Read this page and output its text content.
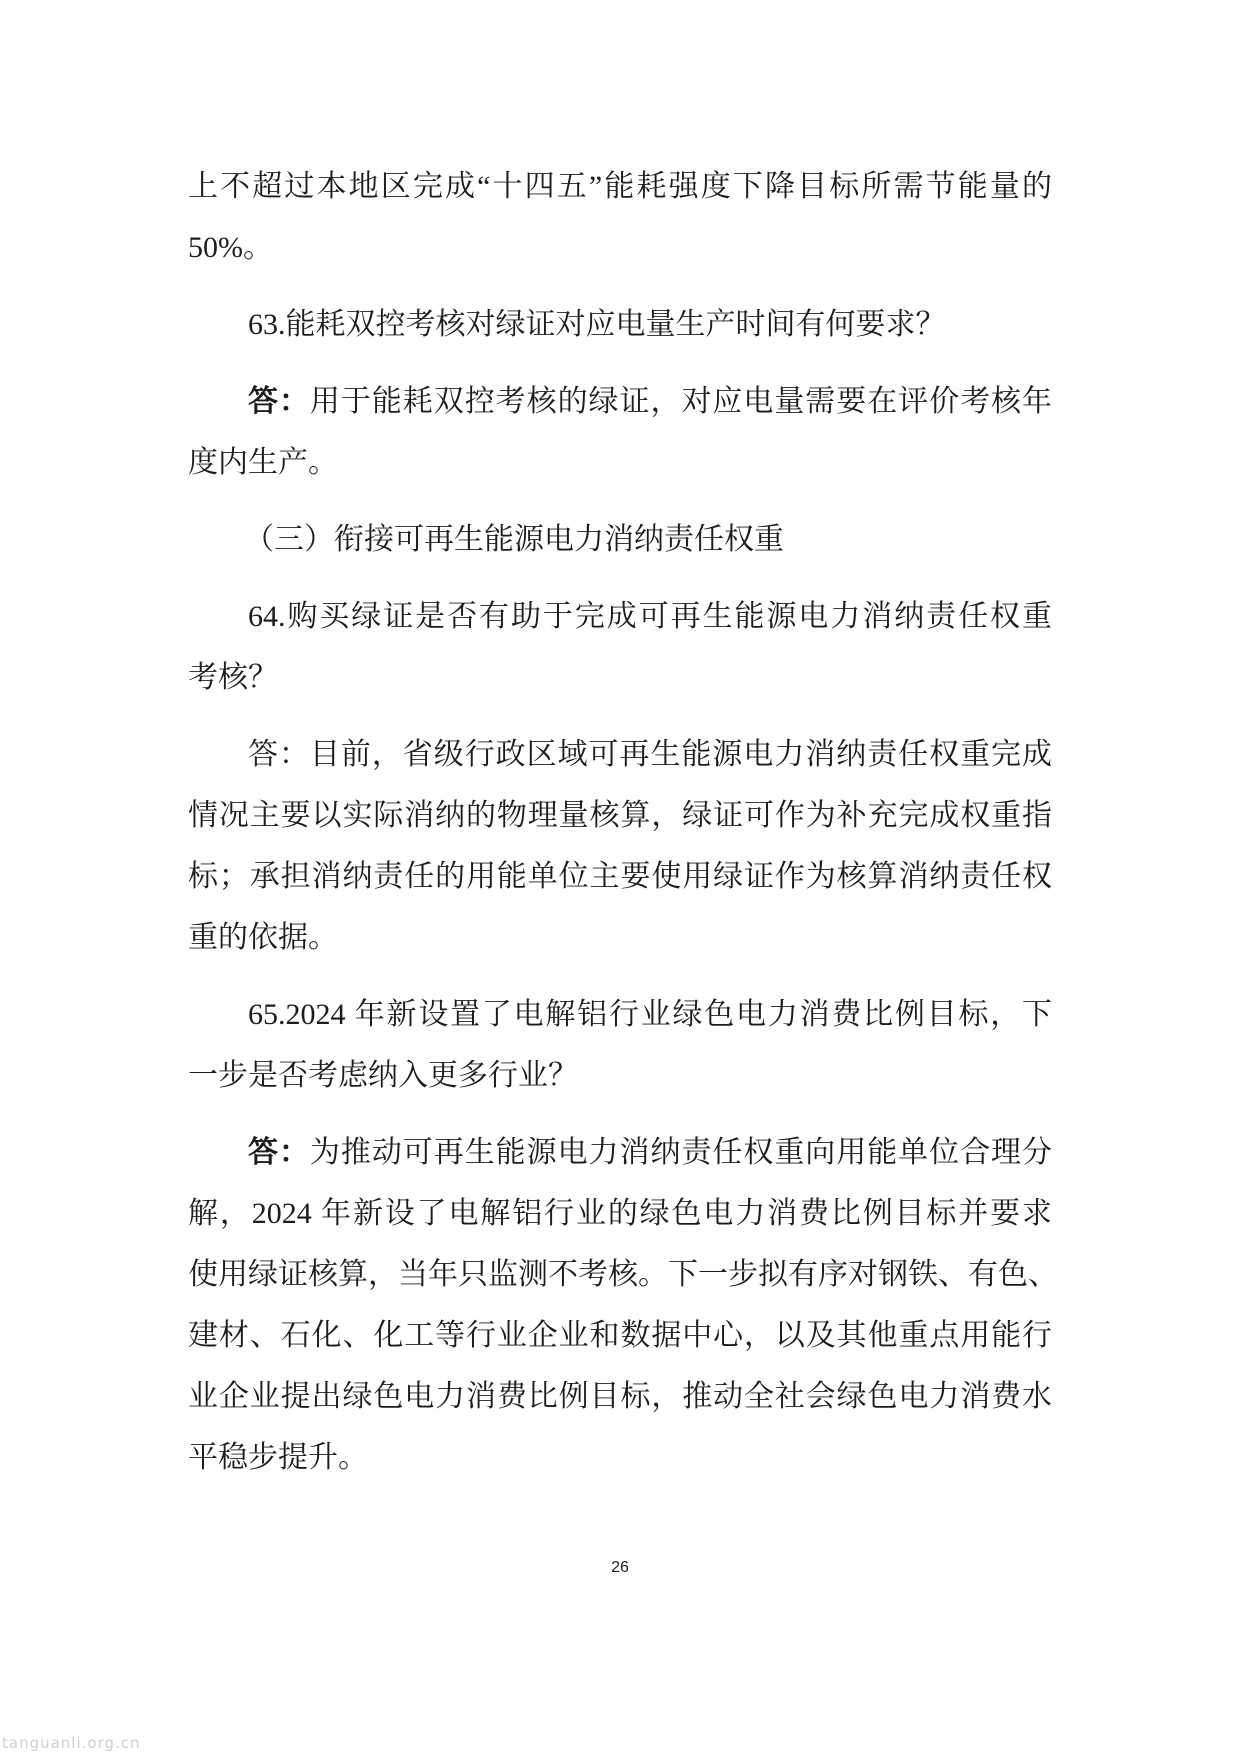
上不超过本地区完成“十四五”能耗强度下降目标所需节能量的
50%。
63.能耗双控考核对绿证对应电量生产时间有何要求？
答：用于能耗双控考核的绿证，对应电量需要在评价考核年
度内生产。
（三）衔接可再生能源电力消纳责任权重
64.购买绿证是否有助于完成可再生能源电力消纳责任权重
考核？
答：目前，省级行政区域可再生能源电力消纳责任权重完成
情况主要以实际消纳的物理量核算，绿证可作为补充完成权重指
标；承担消纳责任的用能单位主要使用绿证作为核算消纳责任权
重的依据。
65.2024 年新设置了电解铝行业绿色电力消费比例目标，下
一步是否考虑纳入更多行业？
答：为推动可再生能源电力消纳责任权重向用能单位合理分
解，2024 年新设了电解铝行业的绿色电力消费比例目标并要求
使用绿证核算，当年只监测不考核。下一步拟有序对钢铁、有色、
建材、石化、化工等行业企业和数据中心，以及其他重点用能行
业企业提出绿色电力消费比例目标，推动全社会绿色电力消费水
平稳步提升。
26
tanguanli.org.cn
